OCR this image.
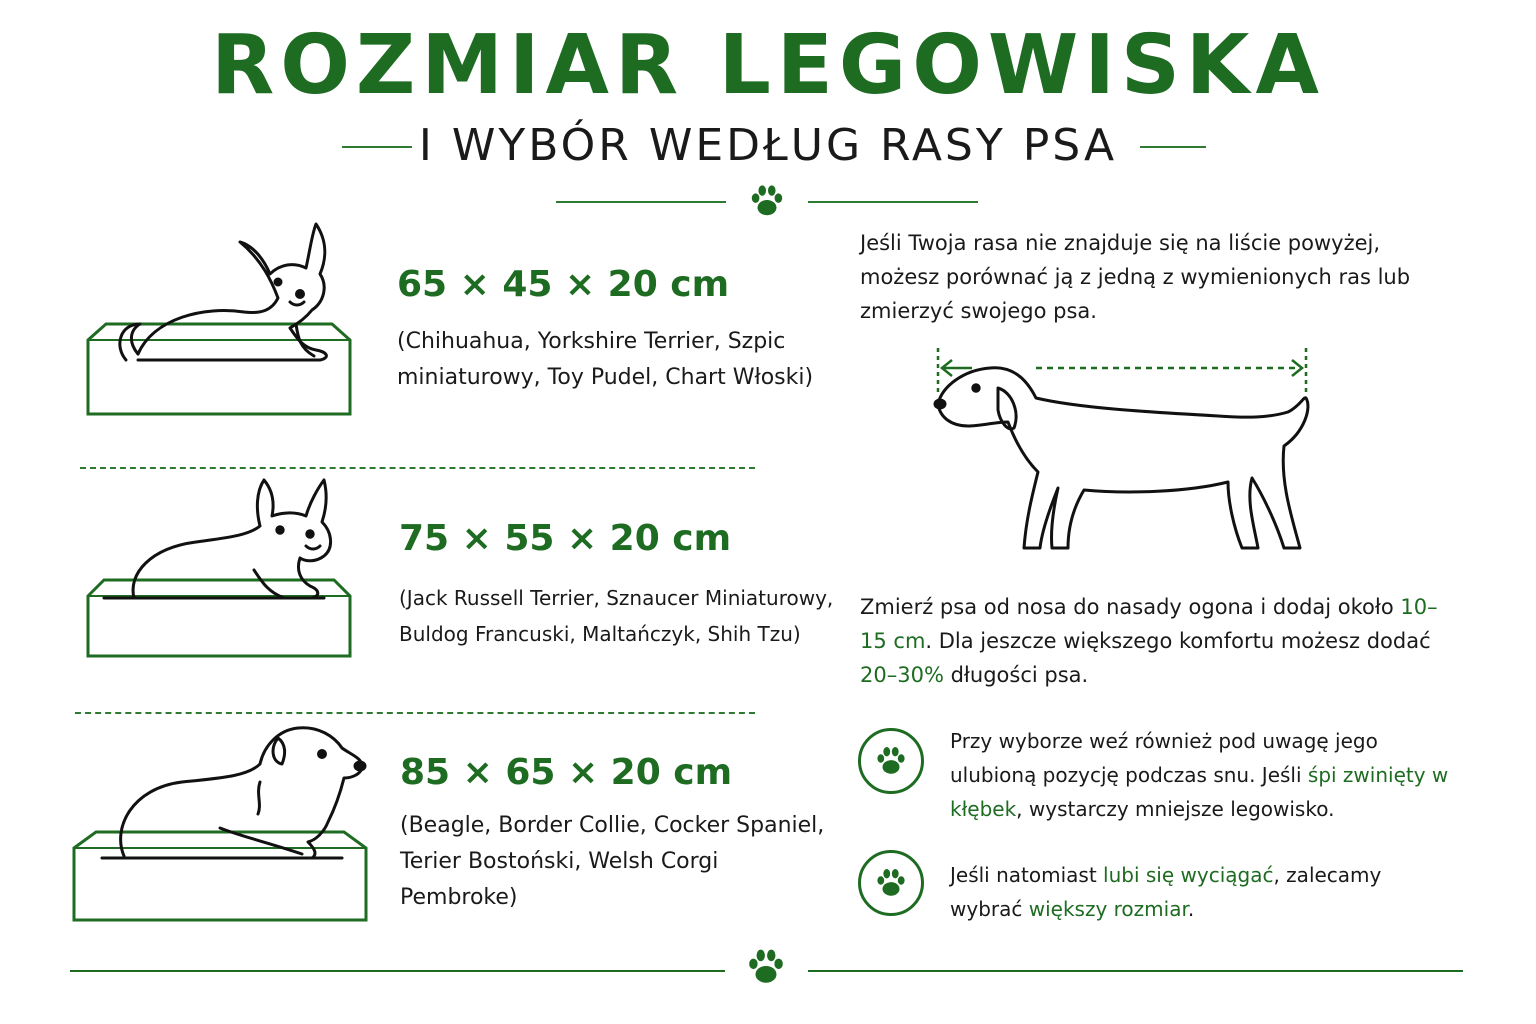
ROZMIAR LEGOWISKA
I WYBÓR WEDŁUG RASY PSA
65 × 45 × 20 cm
(Chihuahua, Yorkshire Terrier, Szpic miniaturowy, Toy Pudel, Chart Włoski)
75 × 55 × 20 cm
(Jack Russell Terrier, Sznaucer Miniaturowy, Buldog Francuski, Maltańczyk, Shih Tzu)
85 × 65 × 20 cm
(Beagle, Border Collie, Cocker Spaniel, Terier Bostoński, Welsh Corgi Pembroke)
Jeśli Twoja rasa nie znajduje się na liście powyżej, możesz porównać ją z jedną z wymienionych ras lub zmierzyć swojego psa.
Zmierź psa od nosa do nasady ogona i dodaj około 10–15 cm. Dla jeszcze większego komfortu możesz dodać 20–30% długości psa.
Przy wyborze weź również pod uwagę jego ulubioną pozycję podczas snu. Jeśli śpi zwinięty w kłębek, wystarczy mniejsze legowisko.
Jeśli natomiast lubi się wyciągać, zalecamy wybrać większy rozmiar.
